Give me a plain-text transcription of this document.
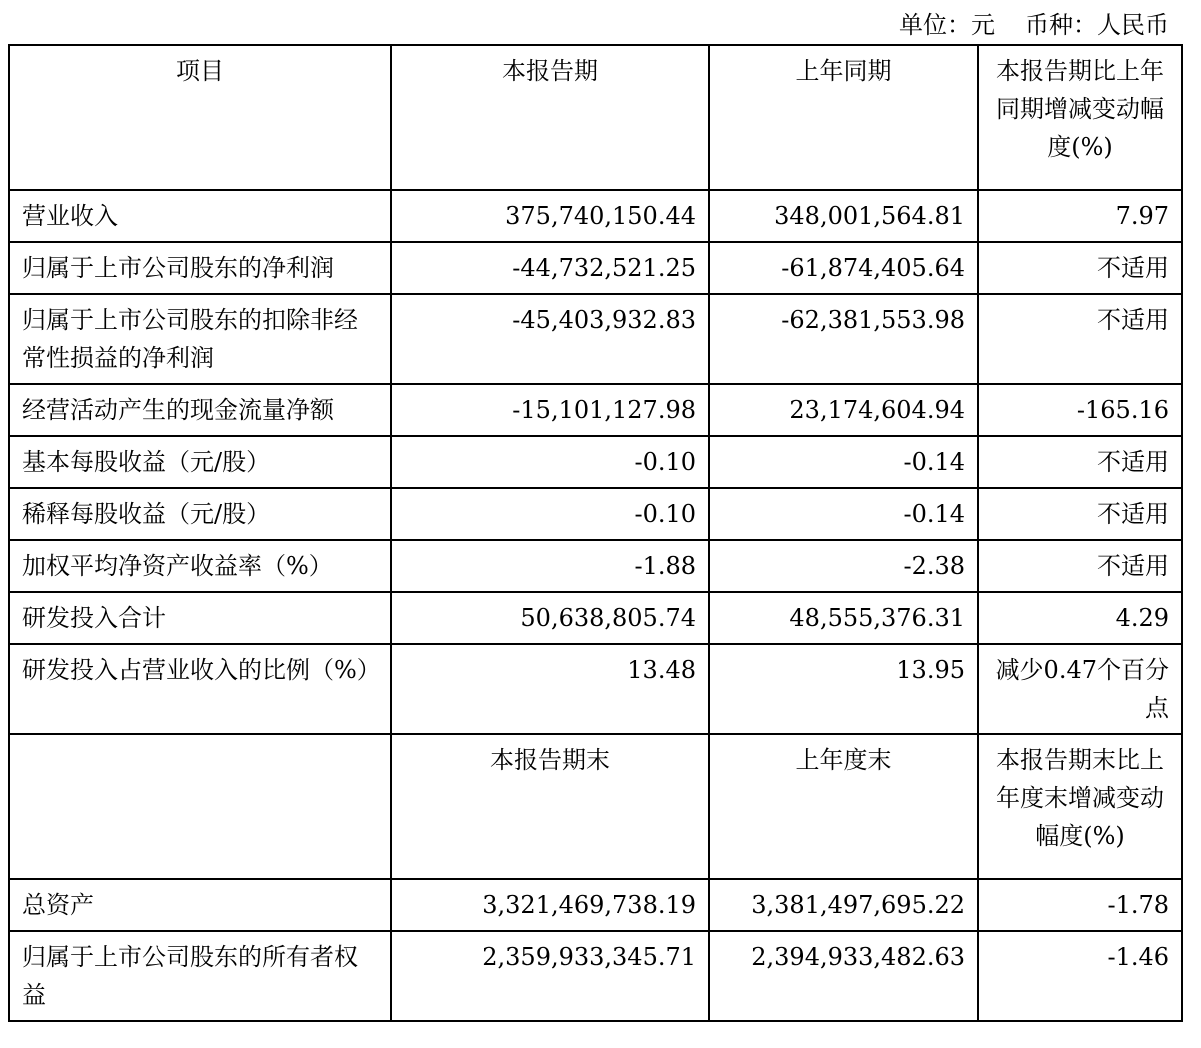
单位：元 币种：人民币
项目	本报告期	上年同期	本报告期比上年同期增减变动幅度(%)
营业收入	375,740,150.44	348,001,564.81	7.97
归属于上市公司股东的净利润	-44,732,521.25	-61,874,405.64	不适用
归属于上市公司股东的扣除非经常性损益的净利润	-45,403,932.83	-62,381,553.98	不适用
经营活动产生的现金流量净额	-15,101,127.98	23,174,604.94	-165.16
基本每股收益（元/股）	-0.10	-0.14	不适用
稀释每股收益（元/股）	-0.10	-0.14	不适用
加权平均净资产收益率（%）	-1.88	-2.38	不适用
研发投入合计	50,638,805.74	48,555,376.31	4.29
研发投入占营业收入的比例（%）	13.48	13.95	减少0.47个百分点
	本报告期末	上年度末	本报告期末比上年度末增减变动幅度(%)
总资产	3,321,469,738.19	3,381,497,695.22	-1.78
归属于上市公司股东的所有者权益	2,359,933,345.71	2,394,933,482.63	-1.46
